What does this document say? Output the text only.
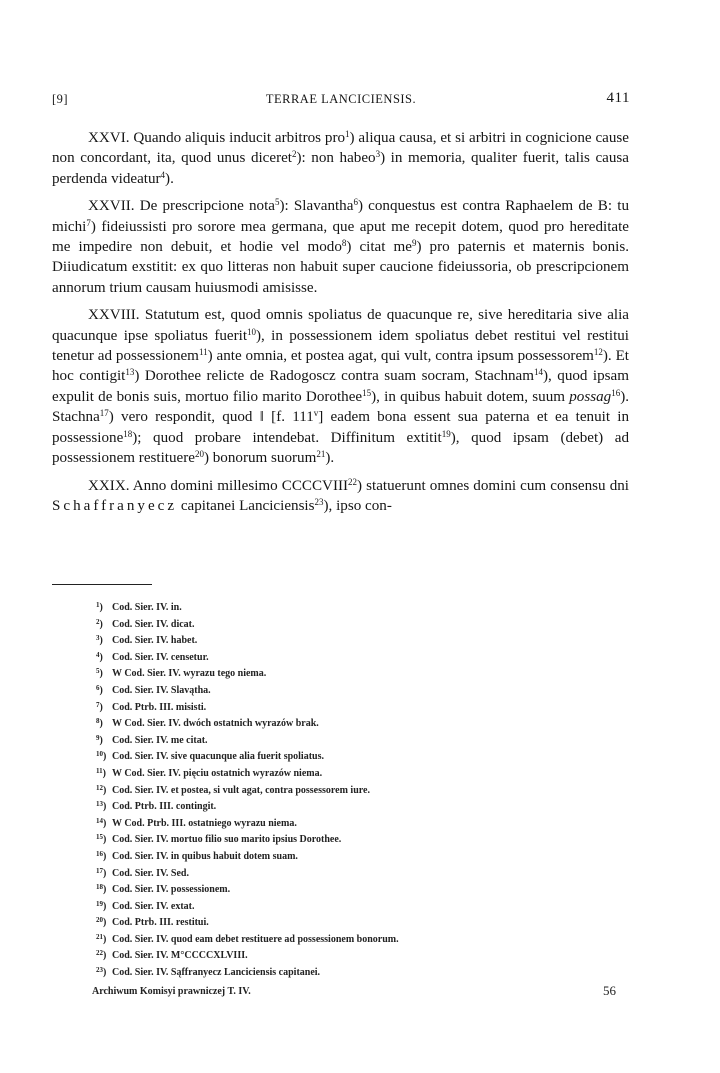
[9]	TERRAE LANCICIENSIS.	411

XXVI. Quando aliquis inducit arbitros pro$^1$) aliqua causa, et si arbitri in cognicione cause non concordant, ita, quod unus diceret$^2$): non habeo$^3$) in memoria, qualiter fuerit, talis causa perdenda videatur$^4$).

XXVII. De prescripcione nota$^5$): Slavantha$^6$) conquestus est contra Raphaelem de B: tu michi$^7$) fideiussisti pro sorore mea germana, que aput me recepit dotem, quod pro hereditate me impedire non debuit, et hodie vel modo$^8$) citat $me^9$) pro paternis et maternis bonis. Diiudicatum exstitit: ex quo litteras non habuit super caucione fideiussoria, ob prescripcionem annorum trium causam huiusmodi amisisse.

XXVIII. Statutum est, quod omnis spoliatus de quacunque re, sive hereditaria sive alia quacunque ipse spoliatus fuerit$^{10}$), in possessionem idem spoliatus debet restitui vel restitui tenetur ad possessionem$^{11}$) ante omnia, et postea agat, qui vult, contra ipsum possessorem$^{12}$). Et hoc contigit$^{13}$) Dorothee relicte de Radogoscz contra suam socram, Stachnam$^{14}$), quod ipsam expulit de bonis suis, mortuo filio marito Dorothee$^{15}$), in quibus habuit dotem, suum possag$^{16}$). Stachna$^{17}$) vero respondit, quod ‖ [f. 111$^v$] eadem bona essent sua paterna et ea tenuit in possessione$^{18}$); quod probare intendebat. Diffinitum extitit$^{19}$), quod ipsam (debet) ad possessionem restituere$^{20}$) bonorum suorum$^{21}$).

XXIX. Anno domini millesimo CCCCVIII$^{22}$) statuerunt omnes domini cum consensu dni Schaffranyecz capitanei Lanciciensis$^{23}$), ipso con-

$^1$) Cod. Sier. IV. in.
$^2$) Cod. Sier. IV. dicat.
$^3$) Cod. Sier. IV. habet.
$^4$) Cod. Sier. IV. censetur.
$^5$) W Cod. Sier. IV. wyrazu tego niema.
$^6$) Cod. Sier. IV. Slavątha.
$^7$) Cod. Ptrb. III. misisti.
$^8$) W Cod. Sier. IV. dwóch ostatnich wyrazów brak.
$^9$) Cod. Sier. IV. me citat.
$^{10}$) Cod. Sier. IV. sive quacunque alia fuerit spoliatus.
$^{11}$) W Cod. Sier. IV. pięciu ostatnich wyrazów niema.
$^{12}$) Cod. Sier. IV. et postea, si vult agat, contra possessorem iure.
$^{13}$) Cod. Ptrb. III. contingit.
$^{14}$) W Cod. Ptrb. III. ostatniego wyrazu niema.
$^{15}$) Cod. Sier. IV. mortuo filio suo marito ipsius Dorothee.
$^{16}$) Cod. Sier. IV. in quibus habuit dotem suam.
$^{17}$) Cod. Sier. IV. Sed.
$^{18}$) Cod. Sier. IV. possessionem.
$^{19}$) Cod. Sier. IV. extat.
$^{20}$) Cod. Ptrb. III. restitui.
$^{21}$) Cod. Sier. IV. quod eam debet restituere ad possessionem bonorum.
$^{22}$) Cod. Sier. IV. M°CCCCXLVIII.
$^{23}$) Cod. Sier. IV. Sąffranyecz Lanciciensis capitanei.
Archiwum Komisyi prawniczej T. IV.	56
